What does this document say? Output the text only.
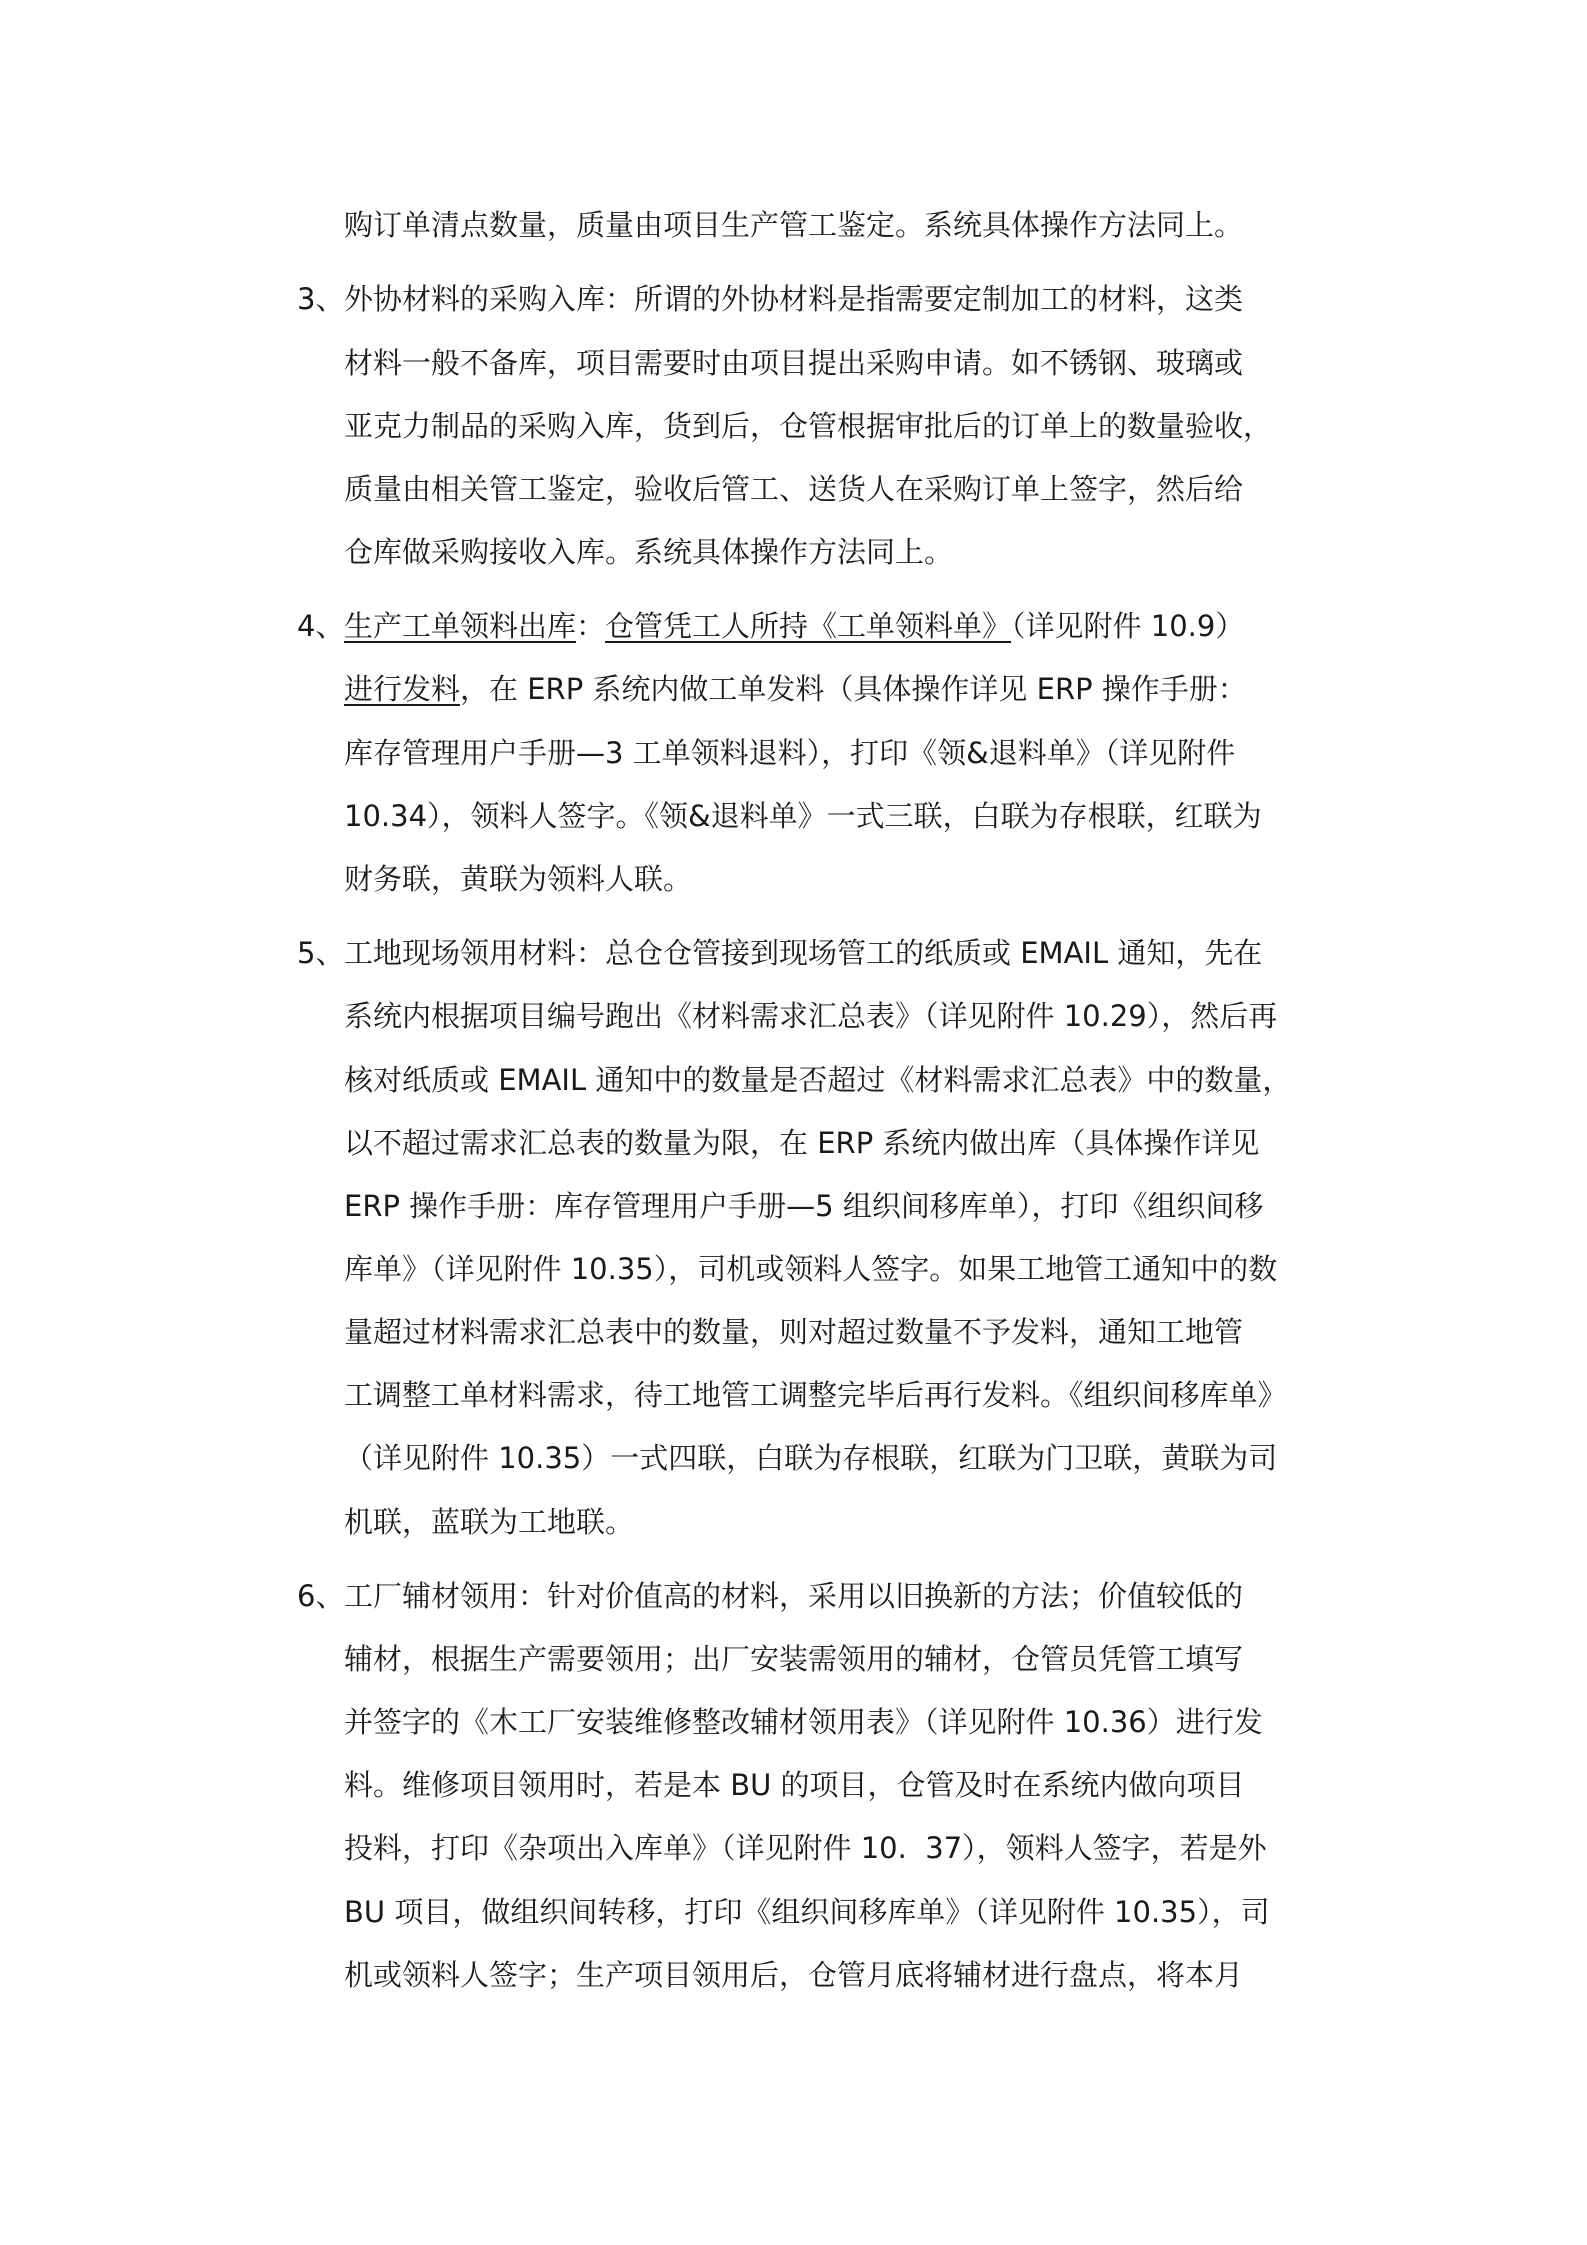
购订单清点数量，质量由项目生产管工鉴定。系统具体操作方法同上。
3、 外协材料的采购入库：所谓的外协材料是指需要定制加工的材料，这类
材料一般不备库，项目需要时由项目提出采购申请。如不锈钢、玻璃或
亚克力制品的采购入库，货到后，仓管根据审批后的订单上的数量验收，
质量由相关管工鉴定，验收后管工、送货人在采购订单上签字，然后给
仓库做采购接收入库。系统具体操作方法同上。
4、 生产工单领料出库：仓管凭工人所持《工单领料单》（详见附件 10.9）
进行发料，在 ERP 系统内做工单发料（具体操作详见 ERP 操作手册：
库存管理用户手册—3 工单领料退料），打印《领&退料单》（详见附件
10.34），领料人签字。《领&退料单》一式三联，白联为存根联，红联为
财务联，黄联为领料人联。
5、 工地现场领用材料：总仓仓管接到现场管工的纸质或 EMAIL 通知，先在
系统内根据项目编号跑出《材料需求汇总表》（详见附件 10.29），然后再
核对纸质或 EMAIL 通知中的数量是否超过《材料需求汇总表》中的数量，
以不超过需求汇总表的数量为限，在 ERP 系统内做出库（具体操作详见
ERP 操作手册：库存管理用户手册—5 组织间移库单），打印《组织间移
库单》（详见附件 10.35），司机或领料人签字。如果工地管工通知中的数
量超过材料需求汇总表中的数量，则对超过数量不予发料，通知工地管
工调整工单材料需求，待工地管工调整完毕后再行发料。《组织间移库单》
（详见附件 10.35）一式四联，白联为存根联，红联为门卫联，黄联为司
机联，蓝联为工地联。
6、 工厂辅材领用：针对价值高的材料，采用以旧换新的方法；价值较低的
辅材，根据生产需要领用；出厂安装需领用的辅材，仓管员凭管工填写
并签字的《木工厂安装维修整改辅材领用表》（详见附件 10.36）进行发
料。维修项目领用时，若是本 BU 的项目，仓管及时在系统内做向项目
投料，打印《杂项出入库单》（详见附件 10.  37），领料人签字，若是外
BU 项目，做组织间转移，打印《组织间移库单》（详见附件 10.35），司
机或领料人签字；生产项目领用后，仓管月底将辅材进行盘点，将本月
